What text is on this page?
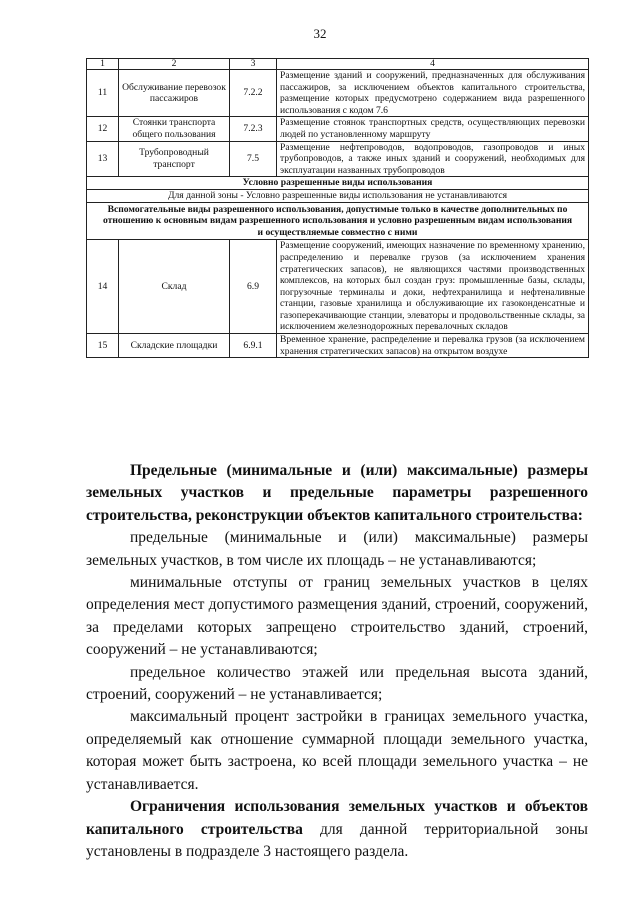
32
1	2	3	4
11	Обслуживание перевозок пассажиров	7.2.2	Размещение зданий и сооружений, предназначенных для обслуживания пассажиров, за исключением объектов капитального строительства, размещение которых предусмотрено содержанием вида разрешенного использования с кодом 7.6
12	Стоянки транспорта общего пользования	7.2.3	Размещение стоянок транспортных средств, осуществляющих перевозки людей по установленному маршруту
13	Трубопроводный транспорт	7.5	Размещение нефтепроводов, водопроводов, газопроводов и иных трубопроводов, а также иных зданий и сооружений, необходимых для эксплуатации названных трубопроводов
Условно разрешенные виды использования			
Для данной зоны - Условно разрешенные виды использования не устанавливаются			
Вспомогательные виды разрешенного использования, допустимые только в качестве дополнительных по отношению к основным видам разрешенного использования и условно разрешенным видам использования и осуществляемые совместно с ними			
14	Склад	6.9	Размещение сооружений, имеющих назначение по временному хранению, распределению и перевалке грузов (за исключением хранения стратегических запасов), не являющихся частями производственных комплексов, на которых был создан груз: промышленные базы, склады, погрузочные терминалы и доки, нефтехранилища и нефтеналивные станции, газовые хранилища и обслуживающие их газоконденсатные и газоперекачивающие станции, элеваторы и продовольственные склады, за исключением железнодорожных перевалочных складов
15	Складские площадки	6.9.1	Временное хранение, распределение и перевалка грузов (за исключением хранения стратегических запасов) на открытом воздухе

Предельные (минимальные и (или) максимальные) размеры земельных участков и предельные параметры разрешенного строительства, реконструкции объектов капитального строительства:

предельные (минимальные и (или) максимальные) размеры земельных участков, в том числе их площадь – не устанавливаются;

минимальные отступы от границ земельных участков в целях определения мест допустимого размещения зданий, строений, сооружений, за пределами которых запрещено строительство зданий, строений, сооружений – не устанавливаются;

предельное количество этажей или предельная высота зданий, строений, сооружений – не устанавливается;

максимальный процент застройки в границах земельного участка, определяемый как отношение суммарной площади земельного участка, которая может быть застроена, ко всей площади земельного участка – не устанавливается.

Ограничения использования земельных участков и объектов капитального строительства для данной территориальной зоны установлены в подразделе 3 настоящего раздела.
